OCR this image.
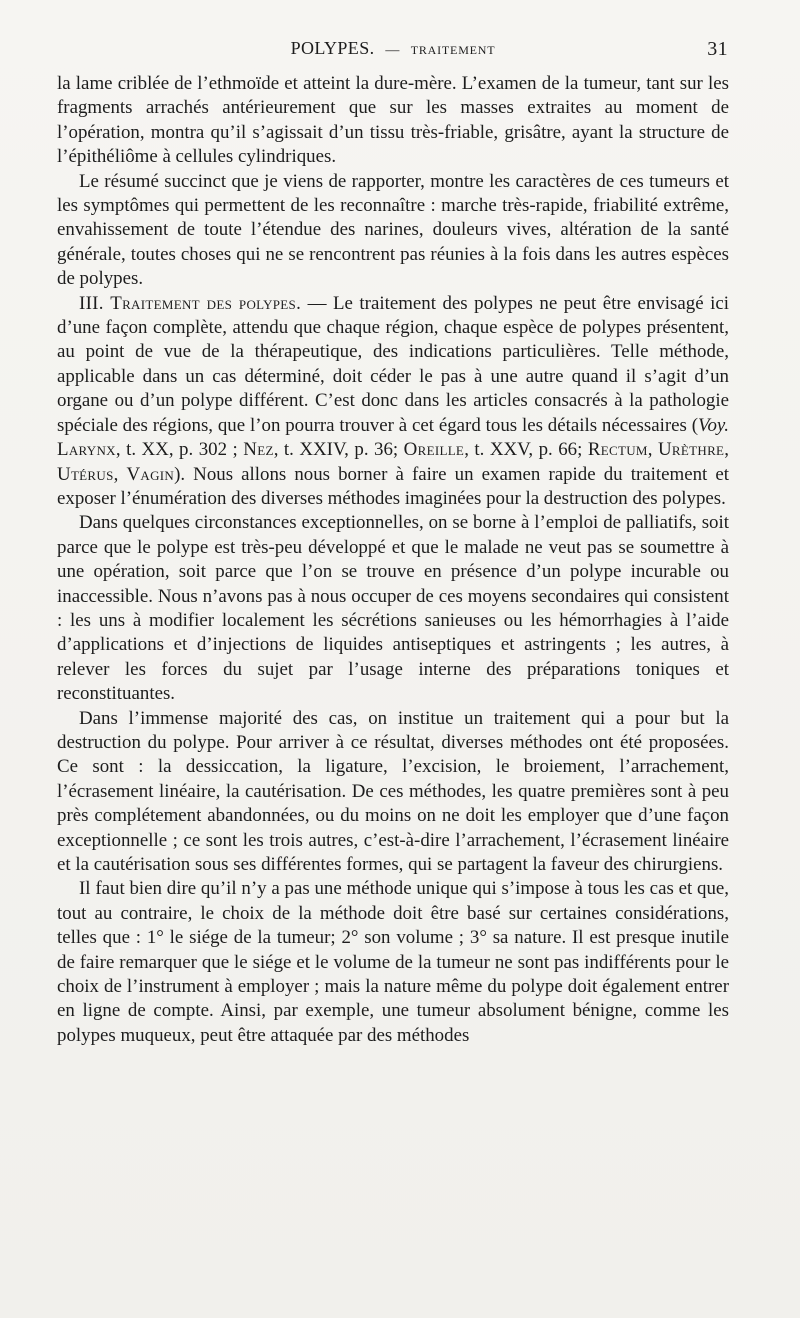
POLYPES. — TRAITEMENT	31

la lame criblée de l’ethmoïde et atteint la dure-mère. L’examen de la tumeur, tant sur les fragments arrachés antérieurement que sur les masses extraites au moment de l’opération, montra qu’il s’agissait d’un tissu très-friable, grisâtre, ayant la structure de l’épithéliôme à cellules cylindriques.

Le résumé succinct que je viens de rapporter, montre les caractères de ces tumeurs et les symptômes qui permettent de les reconnaître : marche très-rapide, friabilité extrême, envahissement de toute l’étendue des narines, douleurs vives, altération de la santé générale, toutes choses qui ne se rencontrent pas réunies à la fois dans les autres espèces de polypes.

III. Traitement des polypes. — Le traitement des polypes ne peut être envisagé ici d’une façon complète, attendu que chaque région, chaque espèce de polypes présentent, au point de vue de la thérapeutique, des indications particulières. Telle méthode, applicable dans un cas déterminé, doit céder le pas à une autre quand il s’agit d’un organe ou d’un polype différent. C’est donc dans les articles consacrés à la pathologie spéciale des régions, que l’on pourra trouver à cet égard tous les détails nécessaires (Voy. Larynx, t. XX, p. 302 ; Nez, t. XXIV, p. 36; Oreille, t. XXV, p. 66; Rectum, Urèthre, Utérus, Vagin). Nous allons nous borner à faire un examen rapide du traitement et exposer l’énumération des diverses méthodes imaginées pour la destruction des polypes.

Dans quelques circonstances exceptionnelles, on se borne à l’emploi de palliatifs, soit parce que le polype est très-peu développé et que le malade ne veut pas se soumettre à une opération, soit parce que l’on se trouve en présence d’un polype incurable ou inaccessible. Nous n’avons pas à nous occuper de ces moyens secondaires qui consistent : les uns à modifier localement les sécrétions sanieuses ou les hémorrhagies à l’aide d’applications et d’injections de liquides antiseptiques et astringents ; les autres, à relever les forces du sujet par l’usage interne des préparations toniques et reconstituantes.

Dans l’immense majorité des cas, on institue un traitement qui a pour but la destruction du polype. Pour arriver à ce résultat, diverses méthodes ont été proposées. Ce sont : la dessiccation, la ligature, l’excision, le broiement, l’arrachement, l’écrasement linéaire, la cautérisation. De ces méthodes, les quatre premières sont à peu près complétement abandonnées, ou du moins on ne doit les employer que d’une façon exceptionnelle ; ce sont les trois autres, c’est-à-dire l’arrachement, l’écrasement linéaire et la cautérisation sous ses différentes formes, qui se partagent la faveur des chirurgiens.

Il faut bien dire qu’il n’y a pas une méthode unique qui s’impose à tous les cas et que, tout au contraire, le choix de la méthode doit être basé sur certaines considérations, telles que : 1° le siége de la tumeur; 2° son volume ; 3° sa nature. Il est presque inutile de faire remarquer que le siége et le volume de la tumeur ne sont pas indifférents pour le choix de l’instrument à employer ; mais la nature même du polype doit également entrer en ligne de compte. Ainsi, par exemple, une tumeur absolument bénigne, comme les polypes muqueux, peut être attaquée par des méthodes
